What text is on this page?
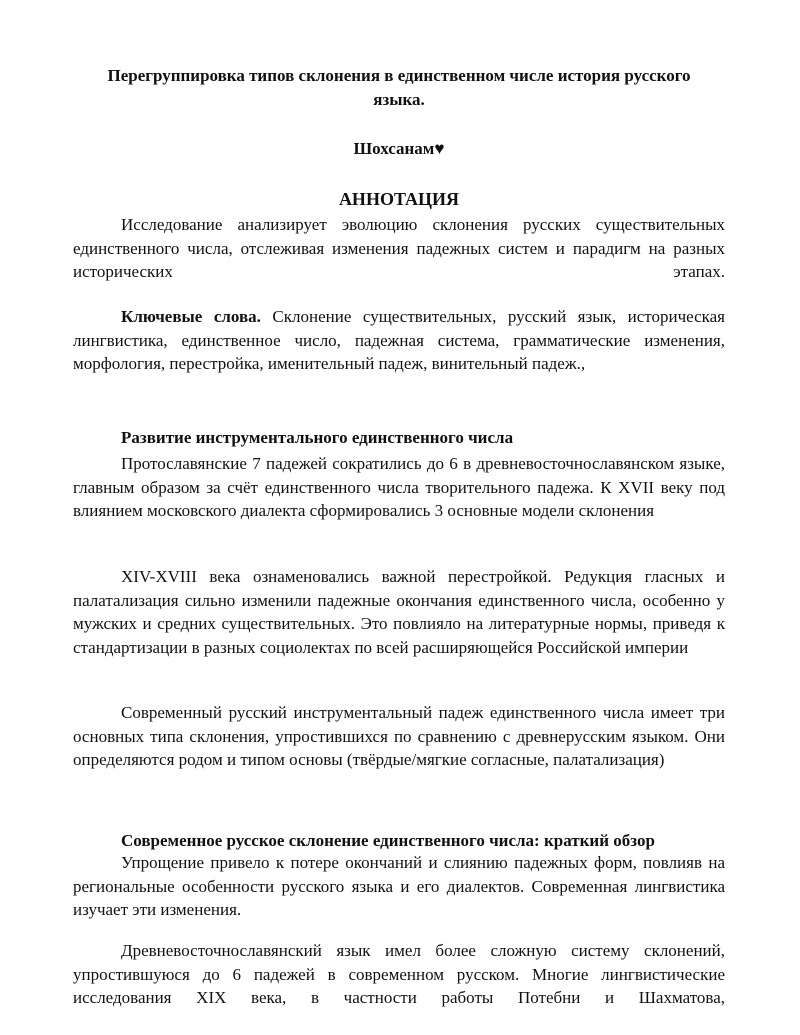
Перегруппировка типов склонения в единственном числе история русского языка.

Шохсанам♥

АННОТАЦИЯ

Исследование анализирует эволюцию склонения русских существительных единственного числа, отслеживая изменения падежных систем и парадигм на разных исторических этапах.

Ключевые слова. Склонение существительных, русский язык, историческая лингвистика, единственное число, падежная система, грамматические изменения, морфология, перестройка, именительный падеж, винительный падеж.,

Развитие инструментального единственного числа

Протославянские 7 падежей сократились до 6 в древневосточнославянском языке, главным образом за счёт единственного числа творительного падежа. К XVII веку под влиянием московского диалекта сформировались 3 основные модели склонения

XIV-XVIII века ознаменовались важной перестройкой. Редукция гласных и палатализация сильно изменили падежные окончания единственного числа, особенно у мужских и средних существительных. Это повлияло на литературные нормы, приведя к стандартизации в разных социолектах по всей расширяющейся Российской империи

Современный русский инструментальный падеж единственного числа имеет три основных типа склонения, упростившихся по сравнению с древнерусским языком. Они определяются родом и типом основы (твёрдые/мягкие согласные, палатализация)

Современное русское склонение единственного числа: краткий обзор

Упрощение привело к потере окончаний и слиянию падежных форм, повлияв на региональные особенности русского языка и его диалектов. Современная лингвистика изучает эти изменения.

Древневосточнославянский язык имел более сложную систему склонений, упростившуюся до 6 падежей в современном русском. Многие лингвистические исследования XIX века, в частности работы Потебни и Шахматова,
